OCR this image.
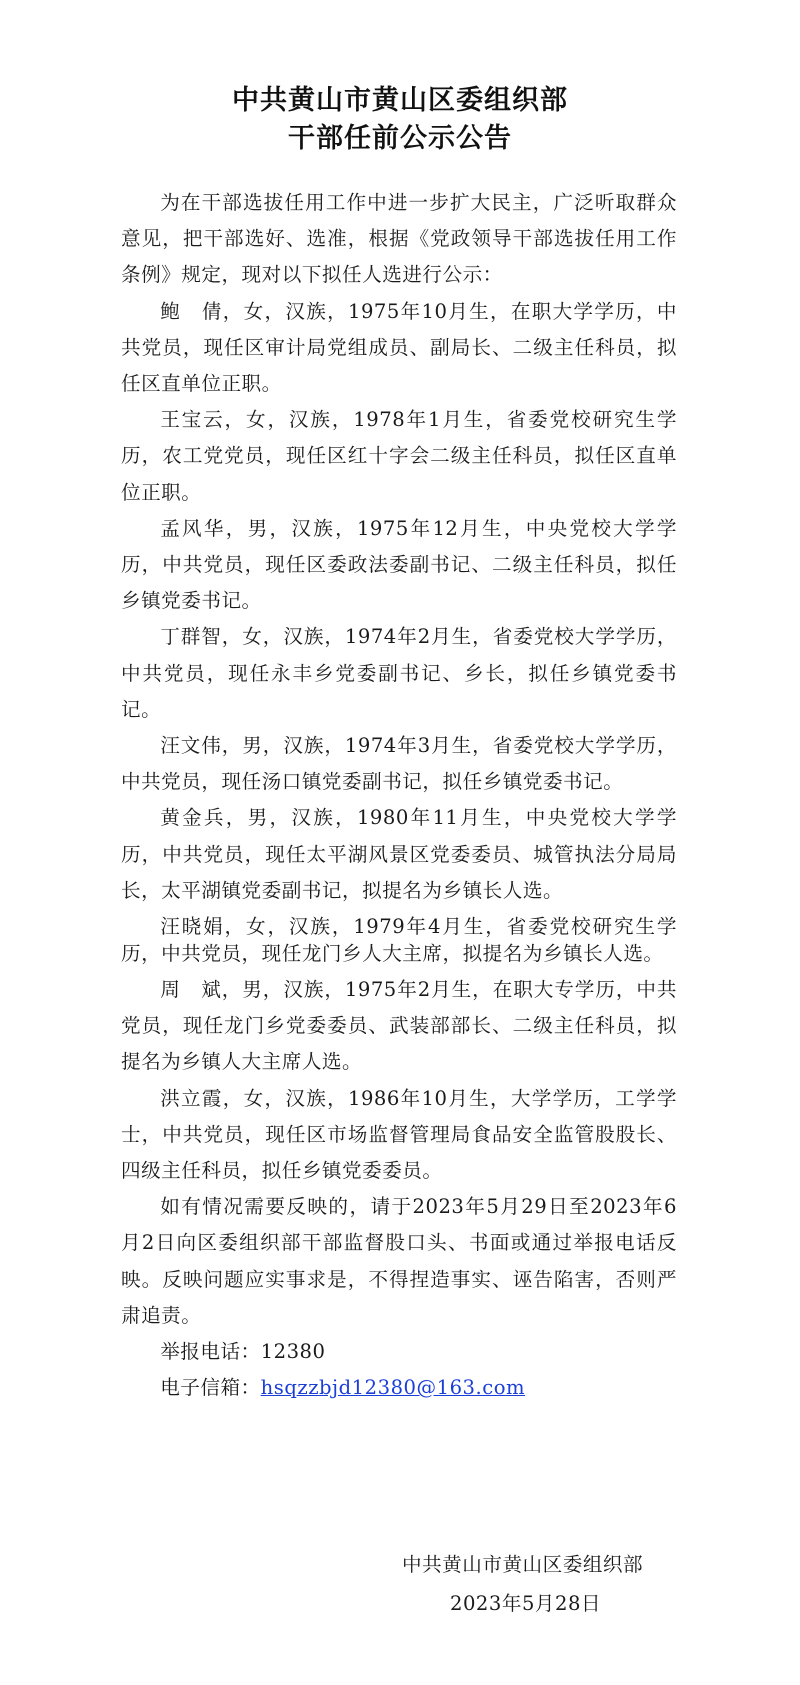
中共黄山市黄山区委组织部
干部任前公示公告

为在干部选拔任用工作中进一步扩大民主，广泛听取群众意见，把干部选好、选准，根据《党政领导干部选拔任用工作条例》规定，现对以下拟任人选进行公示：

鲍　倩，女，汉族，1975年10月生，在职大学学历，中共党员，现任区审计局党组成员、副局长、二级主任科员，拟任区直单位正职。

王宝云，女，汉族，1978年1月生，省委党校研究生学历，农工党党员，现任区红十字会二级主任科员，拟任区直单位正职。

孟风华，男，汉族，1975年12月生，中央党校大学学历，中共党员，现任区委政法委副书记、二级主任科员，拟任乡镇党委书记。

丁群智，女，汉族，1974年2月生，省委党校大学学历，中共党员，现任永丰乡党委副书记、乡长，拟任乡镇党委书记。

汪文伟，男，汉族，1974年3月生，省委党校大学学历，中共党员，现任汤口镇党委副书记，拟任乡镇党委书记。

黄金兵，男，汉族，1980年11月生，中央党校大学学历，中共党员，现任太平湖风景区党委委员、城管执法分局局长，太平湖镇党委副书记，拟提名为乡镇长人选。

汪晓娟，女，汉族，1979年4月生，省委党校研究生学历，中共党员，现任龙门乡人大主席，拟提名为乡镇长人选。

周　斌，男，汉族，1975年2月生，在职大专学历，中共党员，现任龙门乡党委委员、武装部部长、二级主任科员，拟提名为乡镇人大主席人选。

洪立霞，女，汉族，1986年10月生，大学学历，工学学士，中共党员，现任区市场监督管理局食品安全监管股股长、四级主任科员，拟任乡镇党委委员。

如有情况需要反映的，请于2023年5月29日至2023年6月2日向区委组织部干部监督股口头、书面或通过举报电话反映。反映问题应实事求是，不得捏造事实、诬告陷害，否则严肃追责。

举报电话：12380

电子信箱：hsqzzbjd12380@163.com

中共黄山市黄山区委组织部
2023年5月28日
